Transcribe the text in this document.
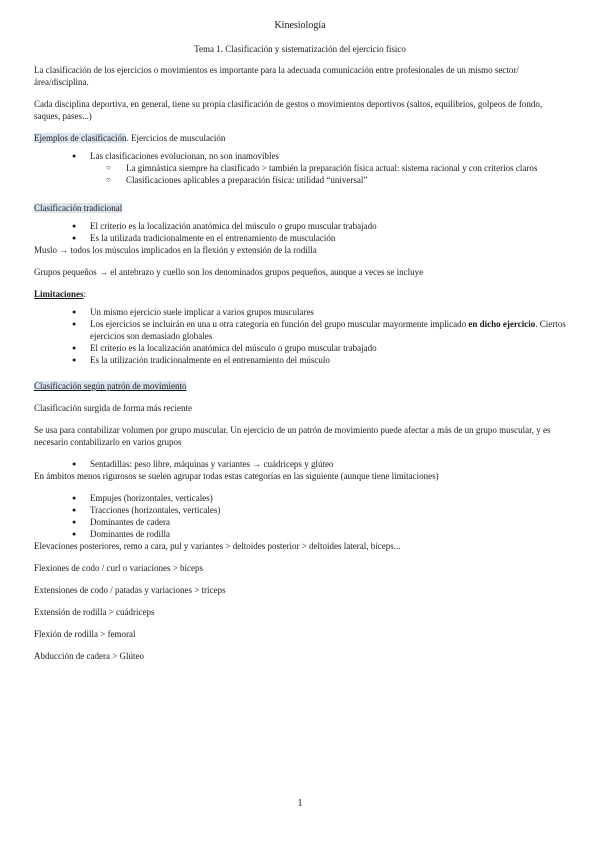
Kinesiología
Tema 1. Clasificación y sistematización del ejercicio físico

La clasificación de los ejercicios o movimientos es importante para la adecuada comunicación entre profesionales de un mismo sector/área/disciplina.

Cada disciplina deportiva, en general, tiene su propia clasificación de gestos o movimientos deportivos (saltos, equilibrios, golpeos de fondo, saques, pases...)

Ejemplos de clasificación. Ejercicios de musculación
● Las clasificaciones evolucionan, no son inamovibles
○ La gimnástica siempre ha clasificado > también la preparación física actual: sistema racional y con criterios claros
○ Clasificaciones aplicables a preparación física: utilidad “universal”
Clasificación tradicional
● El criterio es la localización anatómica del músculo o grupo muscular trabajado
● Es la utilizada tradicionalmente en el entrenamiento de musculación
Muslo → todos los músculos implicados en la flexión y extensión de la rodilla

Grupos pequeños → el antebrazo y cuello son los denominados grupos pequeños, aunque a veces se incluye

Limitaciones:
● Un mismo ejercicio suele implicar a varios grupos musculares
● Los ejercicios se incluirán en una u otra categoría en función del grupo muscular mayormente implicado en dicho ejercicio. Ciertos ejercicios son demasiado globales
● El criterio es la localización anatómica del músculo o grupo muscular trabajado
● Es la utilización tradicionalmente en el entrenamiento del músculo
Clasificación según patrón de movimiento

Clasificación surgida de forma más reciente

Se usa para contabilizar volumen por grupo muscular. Un ejercicio de un patrón de movimiento puede afectar a más de un grupo muscular, y es necesario contabilizarlo en varios grupos

● Sentadillas: peso libre, máquinas y variantes → cuádriceps y glúteo
En ámbitos menos rigurosos se suelen agrupar todas estas categorías en las siguiente (aunque tiene limitaciones)
● Empujes (horizontales, verticales)
● Tracciones (horizontales, verticales)
● Dominantes de cadera
● Dominantes de rodilla

Elevaciones posteriores, remo a cara, pul y variantes > deltoides posterior > deltoides lateral, bíceps...

Flexiones de codo / curl o variaciones > bíceps

Extensiones de codo / patadas y variaciones > tríceps

Extensión de rodilla > cuádriceps

Flexión de rodilla > femoral

Abducción de cadera > Glúteo

1
